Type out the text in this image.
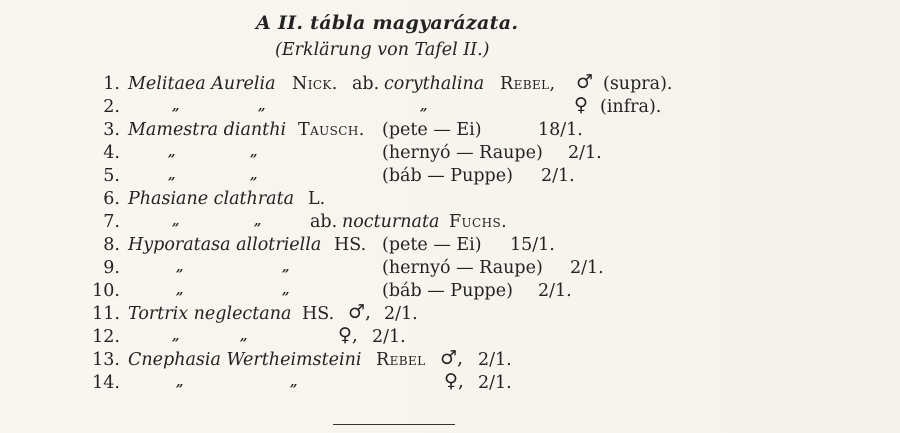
A II. tábla magyarázata.
(Erklärung von Tafel II.)
1. Melitaea Aurelia Nick. ab. corythalina Rebel, ♂ (supra).
2.	„	„	„	♀ (infra).
3. Mamestra dianthi Tausch. (pete — Ei)	18/1.
4.	„	„	(hernyó — Raupe) 2/1.
5.	„	„	(báb — Puppe) 2/1.
6. Phasiane clathrata L.
7.	„	„	ab. nocturnata Fuchs.
8. Hyporatasa allotriella HS. (pete — Ei) 15/1.
9.	„	„	(hernyó — Raupe) 2/1.
10.	„	„	(báb — Puppe) 2/1.
11. Tortrix neglectana HS. ♂, 2/1.
12.	„	„	♀, 2/1.
13. Cnephasia Wertheimsteini Rebel ♂, 2/1.
14.	„	„	♀, 2/1.
